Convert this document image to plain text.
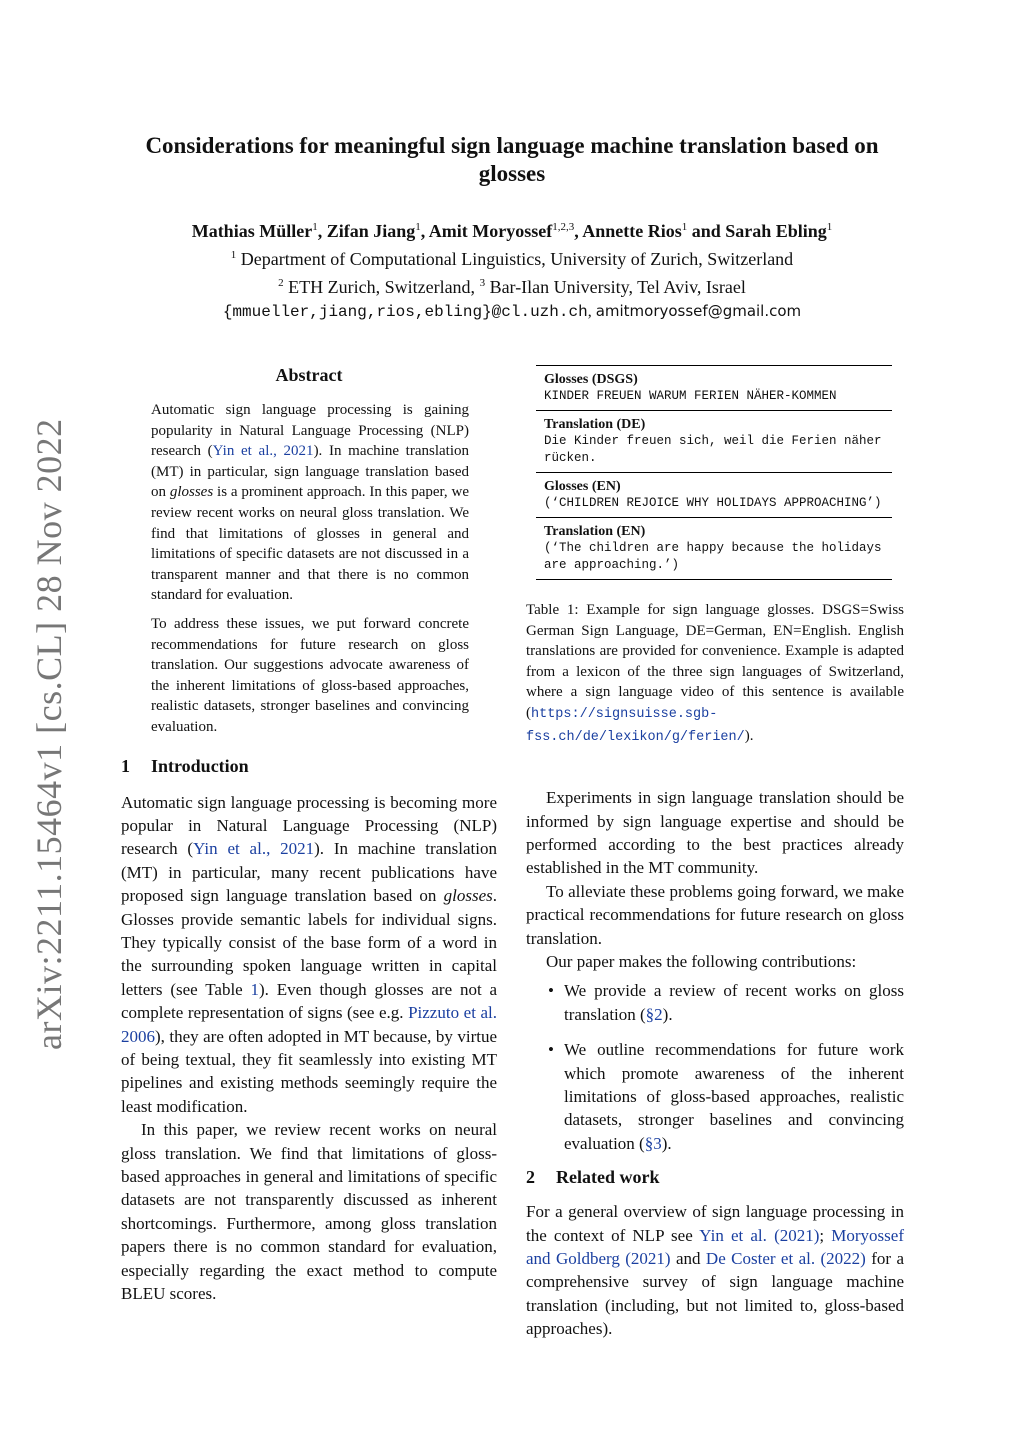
arXiv:2211.15464v1 [cs.CL] 28 Nov 2022
Considerations for meaningful sign language machine translation based on glosses
Mathias Müller$^1$, Zifan Jiang$^1$, Amit Moryossef$^{1,2,3}$, Annette Rios$^1$ and Sarah Ebling$^1$
$^1$ Department of Computational Linguistics, University of Zurich, Switzerland
$^2$ ETH Zurich, Switzerland, $^3$ Bar-Ilan University, Tel Aviv, Israel
{mmueller,jiang,rios,ebling}@cl.uzh.ch, amitmoryossef@gmail.com
Abstract

Automatic sign language processing is gaining popularity in Natural Language Processing (NLP) research (Yin et al., 2021). In machine translation (MT) in particular, sign language translation based on glosses is a prominent approach. In this paper, we review recent works on neural gloss translation. We find that limitations of glosses in general and limitations of specific datasets are not discussed in a transparent manner and that there is no common standard for evaluation.

To address these issues, we put forward concrete recommendations for future research on gloss translation. Our suggestions advocate awareness of the inherent limitations of gloss-based approaches, realistic datasets, stronger baselines and convincing evaluation.

1 Introduction

Automatic sign language processing is becoming more popular in Natural Language Processing (NLP) research (Yin et al., 2021). In machine translation (MT) in particular, many recent publications have proposed sign language translation based on glosses. Glosses provide semantic labels for individual signs. They typically consist of the base form of a word in the surrounding spoken language written in capital letters (see Table 1). Even though glosses are not a complete representation of signs (see e.g. Pizzuto et al. 2006), they are often adopted in MT because, by virtue of being textual, they fit seamlessly into existing MT pipelines and existing methods seemingly require the least modification.

In this paper, we review recent works on neural gloss translation. We find that limitations of gloss-based approaches in general and limitations of specific datasets are not transparently discussed as inherent shortcomings. Furthermore, among gloss translation papers there is no common standard for evaluation, especially regarding the exact method to compute BLEU scores.

Glosses (DSGS)
KINDER FREUEN WARUM FERIEN NÄHER-KOMMEN
Translation (DE)
Die Kinder freuen sich, weil die Ferien näher rücken.
Glosses (EN)
(‘CHILDREN REJOICE WHY HOLIDAYS APPROACHING’)
Translation (EN)
(‘The children are happy because the holidays are approaching.’)
Table 1: Example for sign language glosses. DSGS=Swiss German Sign Language, DE=German, EN=English. English translations are provided for convenience. Example is adapted from a lexicon of the three sign languages of Switzerland, where a sign language video of this sentence is available (https://signsuisse.sgb-fss.ch/de/lexikon/g/ferien/).

Experiments in sign language translation should be informed by sign language expertise and should be performed according to the best practices already established in the MT community.

To alleviate these problems going forward, we make practical recommendations for future research on gloss translation.

Our paper makes the following contributions:

• We provide a review of recent works on gloss translation (§2).
• We outline recommendations for future work which promote awareness of the inherent limitations of gloss-based approaches, realistic datasets, stronger baselines and convincing evaluation (§3).
2 Related work

For a general overview of sign language processing in the context of NLP see Yin et al. (2021); Moryossef and Goldberg (2021) and De Coster et al. (2022) for a comprehensive survey of sign language machine translation (including, but not limited to, gloss-based approaches).
